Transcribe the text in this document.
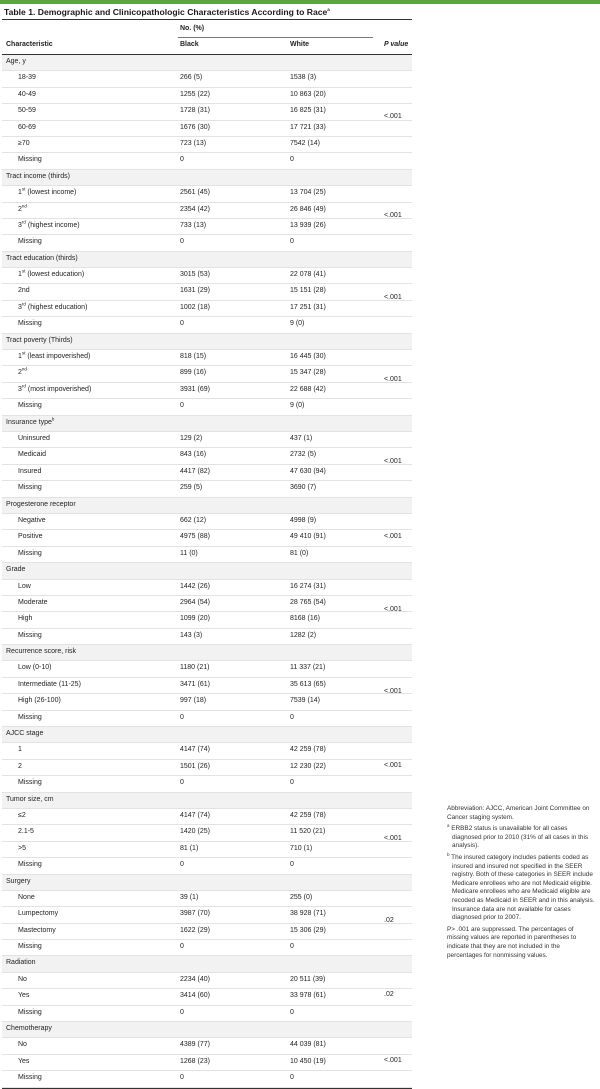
Table 1. Demographic and Clinicopathologic Characteristics According to Race$^a$
No. (%)
Characteristic	Black	White	P value
Age, y
18-39	266 (5)	1538 (3)
40-49	1255 (22)	10 863 (20)
50-59	1728 (31)	16 825 (31)
60-69	1676 (30)	17 721 (33)
≥70	723 (13)	7542 (14)
Missing	0	0
<.001
Tract income (thirds)
1st (lowest income)	2561 (45)	13 704 (25)
2nd	2354 (42)	26 846 (49)
3rd (highest income)	733 (13)	13 939 (26)
Missing	0	0
<.001
Tract education (thirds)
1st (lowest education)	3015 (53)	22 078 (41)
2nd	1631 (29)	15 151 (28)
3rd (highest education)	1002 (18)	17 251 (31)
Missing	0	9 (0)
<.001
Tract poverty (Thirds)
1st (least impoverished)	818 (15)	16 445 (30)
2nd	899 (16)	15 347 (28)
3rd (most impoverished)	3931 (69)	22 688 (42)
Missing	0	9 (0)
<.001
Insurance type$^b$
Uninsured	129 (2)	437 (1)
Medicaid	843 (16)	2732 (5)
Insured	4417 (82)	47 630 (94)
Missing	259 (5)	3690 (7)
<.001
Progesterone receptor
Negative	662 (12)	4998 (9)
Positive	4975 (88)	49 410 (91)
Missing	11 (0)	81 (0)
<.001
Grade
Low	1442 (26)	16 274 (31)
Moderate	2964 (54)	28 765 (54)
High	1099 (20)	8168 (16)
Missing	143 (3)	1282 (2)
<.001
Recurrence score, risk
Low (0-10)	1180 (21)	11 337 (21)
Intermediate (11-25)	3471 (61)	35 613 (65)
High (26-100)	997 (18)	7539 (14)
Missing	0	0
<.001
AJCC stage
1	4147 (74)	42 259 (78)
2	1501 (26)	12 230 (22)
Missing	0	0
<.001
Tumor size, cm
≤2	4147 (74)	42 259 (78)
2.1-5	1420 (25)	11 520 (21)
>5	81 (1)	710 (1)
Missing	0	0
<.001
Surgery
None	39 (1)	255 (0)
Lumpectomy	3987 (70)	38 928 (71)
Mastectomy	1622 (29)	15 306 (29)
Missing	0	0
.02
Radiation
No	2234 (40)	20 511 (39)
Yes	3414 (60)	33 978 (61)
Missing	0	0
.02
Chemotherapy
No	4389 (77)	44 039 (81)
Yes	1268 (23)	10 450 (19)
Missing	0	0
<.001

Abbreviation: AJCC, American Joint Committee on Cancer staging system.

$^a$ ERBB2 status is unavailable for all cases diagnosed prior to 2010 (31% of all cases in this analysis).

$^b$ The insured category includes patients coded as insured and insured not specified in the SEER registry. Both of these categories in SEER include Medicare enrollees who are not Medicaid eligible. Medicare enrollees who are Medicaid eligible are recoded as Medicaid in SEER and in this analysis. Insurance data are not available for cases diagnosed prior to 2007.

P> .001 are suppressed. The percentages of missing values are reported in parentheses to indicate that they are not included in the percentages for nonmissing values.
